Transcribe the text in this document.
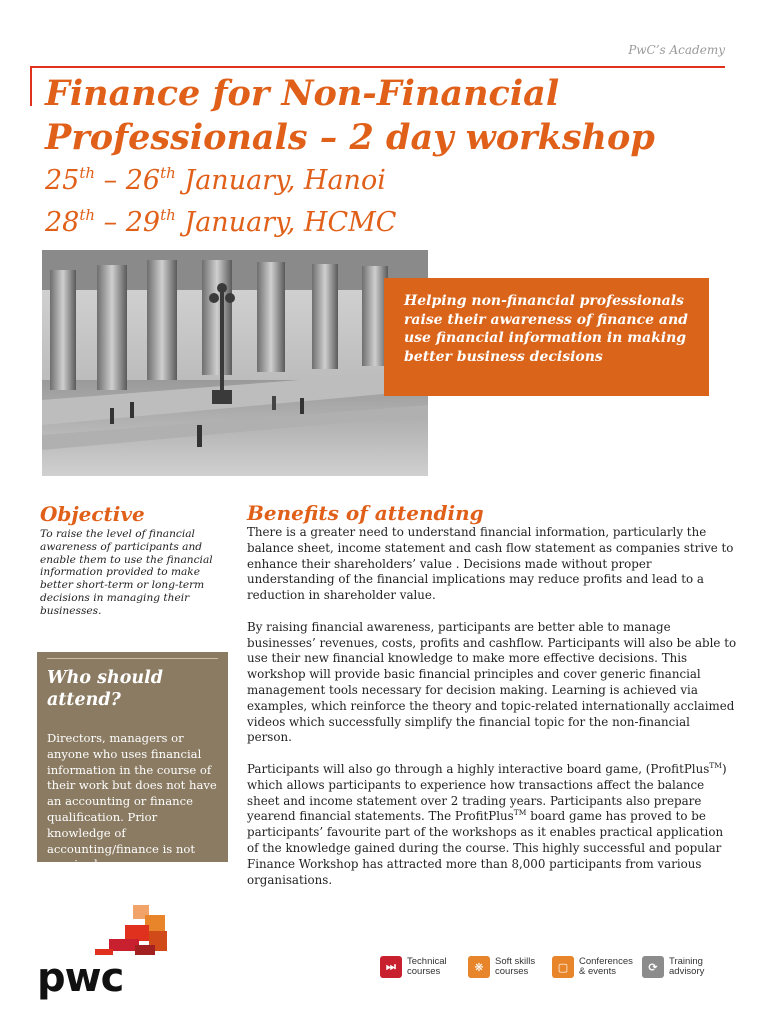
PwC’s Academy
Finance for Non-Financial
Professionals – 2 day workshop
25th – 26th January, Hanoi
28th – 29th January, HCMC

Helping non-financial professionals raise their awareness of finance and use financial information in making better business decisions

Objective

To raise the level of financial awareness of participants and enable them to use the financial information provided to make better short-term or long-term decisions in managing their businesses.

Who should attend?

Directors, managers or anyone who uses financial information in the course of their work but does not have an accounting or finance qualification. Prior knowledge of accounting/finance is not required.

Benefits of attending

There is a greater need to understand financial information, particularly the balance sheet, income statement and cash flow statement as companies strive to enhance their shareholders’ value . Decisions made without proper understanding of the financial implications may reduce profits and lead to a reduction in shareholder value.

By raising financial awareness, participants are better able to manage businesses’ revenues, costs, profits and cashflow. Participants will also be able to use their new financial knowledge to make more effective decisions. This workshop will provide basic financial principles and cover generic financial management tools necessary for decision making. Learning is achieved via examples, which reinforce the theory and topic-related internationally acclaimed videos which successfully simplify the financial topic for the non-financial person.

Participants will also go through a highly interactive board game, (ProfitPlus™) which allows participants to experience how transactions affect the balance sheet and income statement over 2 trading years. Participants also prepare yearend financial statements. The ProfitPlus™ board game has proved to be participants’ favourite part of the workshops as it enables practical application of the knowledge gained during the course. This highly successful and popular Finance Workshop has attracted more than 8,000 participants from various organisations.

pwc	⏭	Technical courses	❋	Soft skills courses	▢	Conferences & events	⟳	Training advisory
